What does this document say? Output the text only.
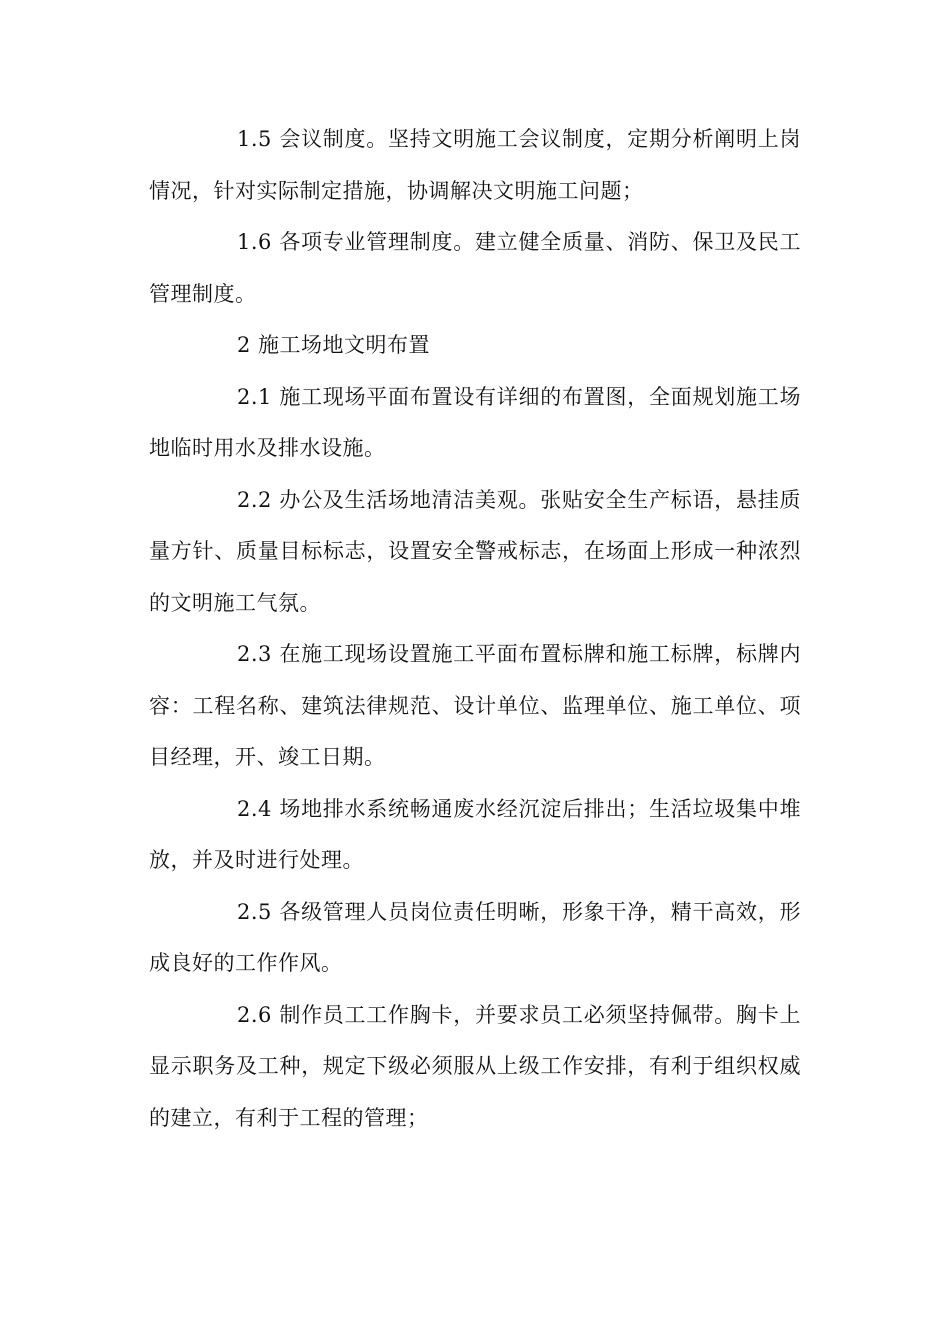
1.5 会议制度。坚持文明施工会议制度，定期分析阐明上岗情况，针对实际制定措施，协调解决文明施工问题；

1.6 各项专业管理制度。建立健全质量、消防、保卫及民工管理制度。

2 施工场地文明布置

2.1 施工现场平面布置设有详细的布置图，全面规划施工场地临时用水及排水设施。

2.2 办公及生活场地清洁美观。张贴安全生产标语，悬挂质量方针、质量目标标志，设置安全警戒标志，在场面上形成一种浓烈的文明施工气氛。

2.3 在施工现场设置施工平面布置标牌和施工标牌，标牌内容：工程名称、建筑法律规范、设计单位、监理单位、施工单位、项目经理，开、竣工日期。

2.4 场地排水系统畅通废水经沉淀后排出；生活垃圾集中堆放，并及时进行处理。

2.5 各级管理人员岗位责任明晰，形象干净，精干高效，形成良好的工作作风。

2.6 制作员工工作胸卡，并要求员工必须坚持佩带。胸卡上显示职务及工种，规定下级必须服从上级工作安排，有利于组织权威的建立，有利于工程的管理；
